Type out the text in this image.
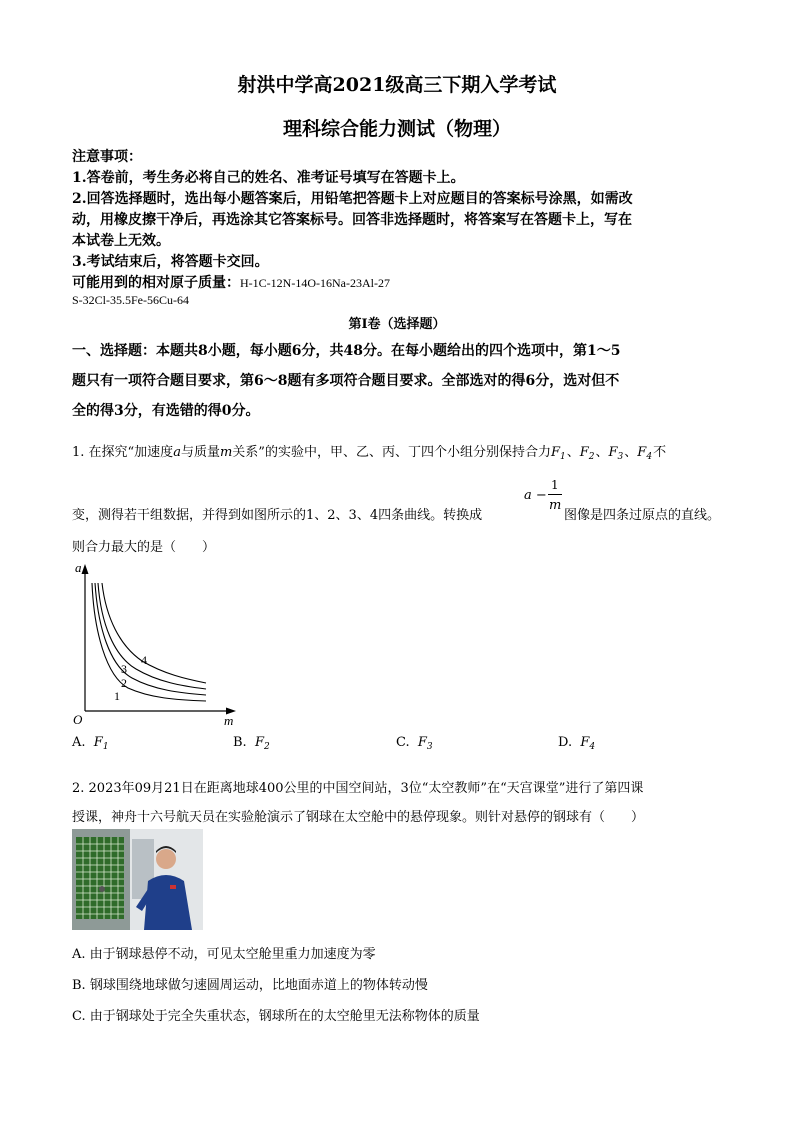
射洪中学高2021级高三下期入学考试
理科综合能力测试（物理）
注意事项：
1.答卷前，考生务必将自己的姓名、准考证号填写在答题卡上。
2.回答选择题时，选出每小题答案后，用铅笔把答题卡上对应题目的答案标号涂黑，如需改
动，用橡皮擦干净后，再选涂其它答案标号。回答非选择题时，将答案写在答题卡上，写在
本试卷上无效。
3.考试结束后，将答题卡交回。
可能用到的相对原子质量：H-1C-12N-14O-16Na-23Al-27
S-32Cl-35.5Fe-56Cu-64
第I卷（选择题）
一、选择题：本题共8小题，每小题6分，共48分。在每小题给出的四个选项中，第1～5
题只有一项符合题目要求，第6～8题有多项符合题目要求。全部选对的得6分，选对但不
全的得3分，有选错的得0分。
1. 在探究“加速度a与质量m关系”的实验中，甲、乙、丙、丁四个小组分别保持合力$F_1$、$F_2$、$F_3$、$F_4$不
变，测得若干组数据，并得到如图所示的1、2、3、4四条曲线。转换成
a −
1
m
图像是四条过原点的直线。
则合力最大的是（　　）
a
m
O
1
2
3
4
A. $F_1$	B. $F_2$	C. $F_3$	D. $F_4$
2. 2023年09月21日在距离地球400公里的中国空间站，3位“太空教师”在“天宫课堂”进行了第四课
授课，神舟十六号航天员在实验舱演示了钢球在太空舱中的悬停现象。则针对悬停的钢球有（　　）
A. 由于钢球悬停不动，可见太空舱里重力加速度为零
B. 钢球围绕地球做匀速圆周运动，比地面赤道上的物体转动慢
C. 由于钢球处于完全失重状态，钢球所在的太空舱里无法称物体的质量
